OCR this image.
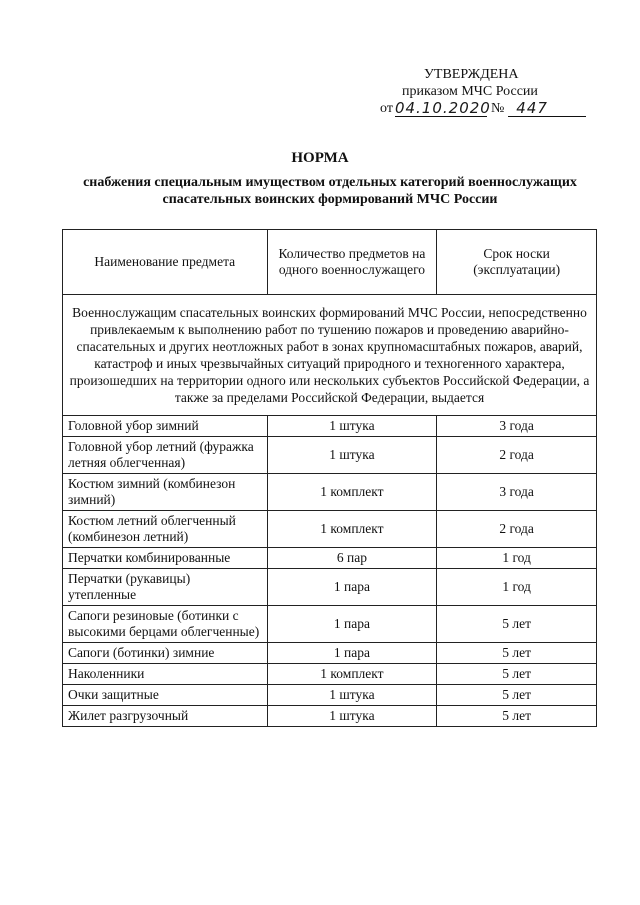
УТВЕРЖДЕНА
приказом МЧС России
от 04.10.2020 № 447
НОРМА
снабжения специальным имуществом отдельных категорий военнослужащих спасательных воинских формирований МЧС России
Наименование предмета	Количество предметов на одного военнослужащего	Срок носки (эксплуатации)
Военнослужащим спасательных воинских формирований МЧС России, непосредственно привлекаемым к выполнению работ по тушению пожаров и проведению аварийно-спасательных и других неотложных работ в зонах крупномасштабных пожаров, аварий, катастроф и иных чрезвычайных ситуаций природного и техногенного характера, произошедших на территории одного или нескольких субъектов Российской Федерации, а также за пределами Российской Федерации, выдается		
Головной убор зимний	1 штука	3 года
Головной убор летний (фуражка летняя облегченная)	1 штука	2 года
Костюм зимний (комбинезон зимний)	1 комплект	3 года
Костюм летний облегченный (комбинезон летний)	1 комплект	2 года
Перчатки комбинированные	6 пар	1 год
Перчатки (рукавицы) утепленные	1 пара	1 год
Сапоги резиновые (ботинки с высокими берцами облегченные)	1 пара	5 лет
Сапоги (ботинки) зимние	1 пара	5 лет
Наколенники	1 комплект	5 лет
Очки защитные	1 штука	5 лет
Жилет разгрузочный	1 штука	5 лет
